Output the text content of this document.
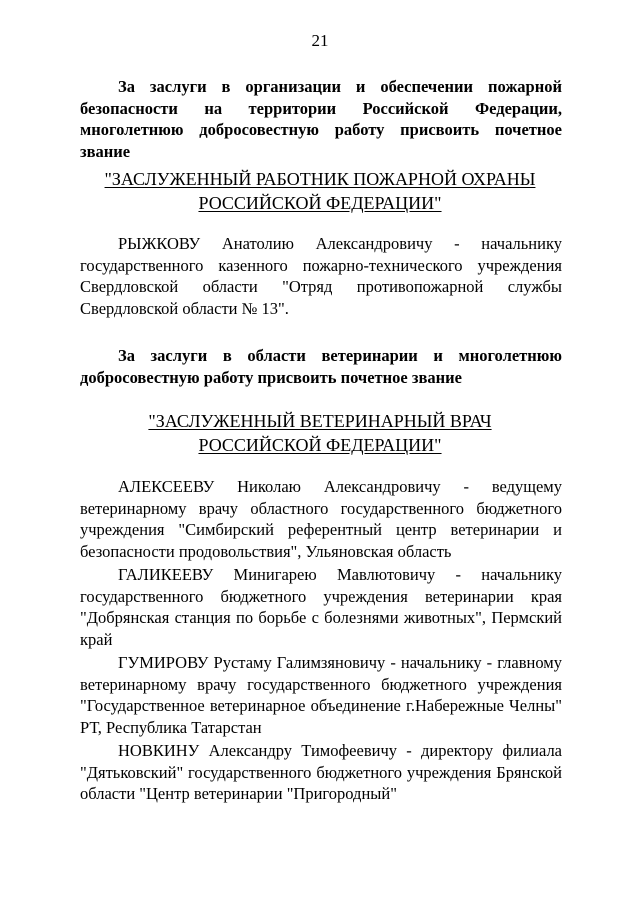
21
За заслуги в организации и обеспечении пожарной безопасности на территории Российской Федерации, многолетнюю добросовестную работу присвоить почетное звание
"ЗАСЛУЖЕННЫЙ РАБОТНИК ПОЖАРНОЙ ОХРАНЫ
РОССИЙСКОЙ ФЕДЕРАЦИИ"
РЫЖКОВУ Анатолию Александровичу - начальнику государственного казенного пожарно-технического учреждения Свердловской области "Отряд противопожарной службы Свердловской области № 13".
За заслуги в области ветеринарии и многолетнюю добросовестную работу присвоить почетное звание
"ЗАСЛУЖЕННЫЙ ВЕТЕРИНАРНЫЙ ВРАЧ
РОССИЙСКОЙ ФЕДЕРАЦИИ"
АЛЕКСЕЕВУ Николаю Александровичу - ведущему ветеринарному врачу областного государственного бюджетного учреждения "Симбирский референтный центр ветеринарии и безопасности продовольствия", Ульяновская область
ГАЛИКЕЕВУ Минигарею Мавлютовичу - начальнику государственного бюджетного учреждения ветеринарии края "Добрянская станция по борьбе с болезнями животных", Пермский край
ГУМИРОВУ Рустаму Галимзяновичу - начальнику - главному ветеринарному врачу государственного бюджетного учреждения "Государственное ветеринарное объединение г.Набережные Челны" РТ, Республика Татарстан
НОВКИНУ Александру Тимофеевичу - директору филиала "Дятьковский" государственного бюджетного учреждения Брянской области "Центр ветеринарии "Пригородный"
